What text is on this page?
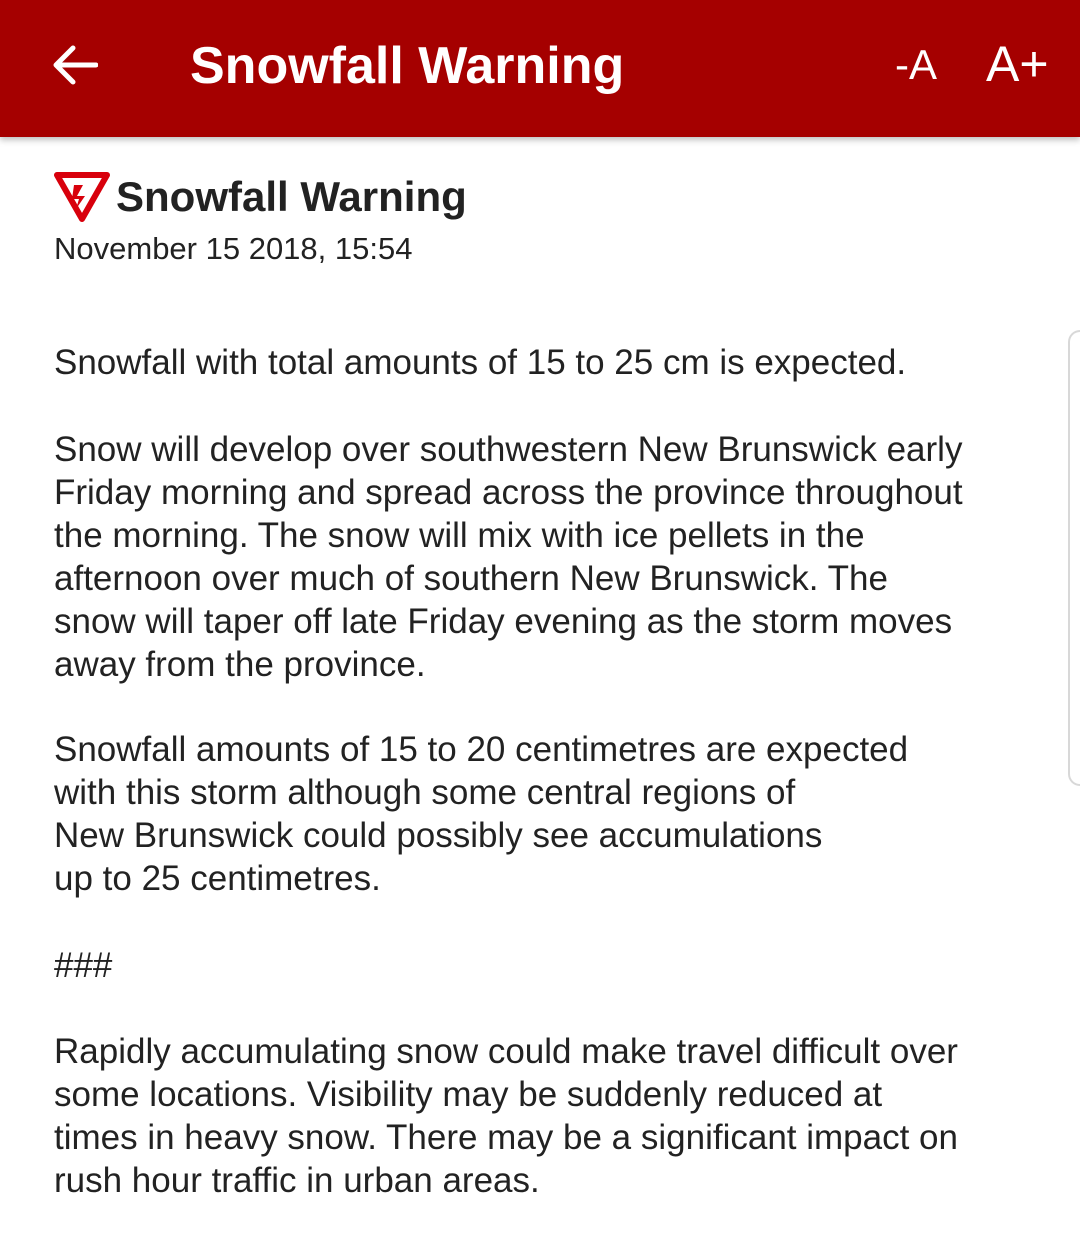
Snowfall Warning	-A A+
Snowfall Warning
November 15 2018, 15:54
Snowfall with total amounts of 15 to 25 cm is expected.
Snow will develop over southwestern New Brunswick early
Friday morning and spread across the province throughout
the morning. The snow will mix with ice pellets in the
afternoon over much of southern New Brunswick. The
snow will taper off late Friday evening as the storm moves
away from the province.
Snowfall amounts of 15 to 20 centimetres are expected
with this storm although some central regions of
New Brunswick could possibly see accumulations
up to 25 centimetres.
###
Rapidly accumulating snow could make travel difficult over
some locations. Visibility may be suddenly reduced at
times in heavy snow. There may be a significant impact on
rush hour traffic in urban areas.
